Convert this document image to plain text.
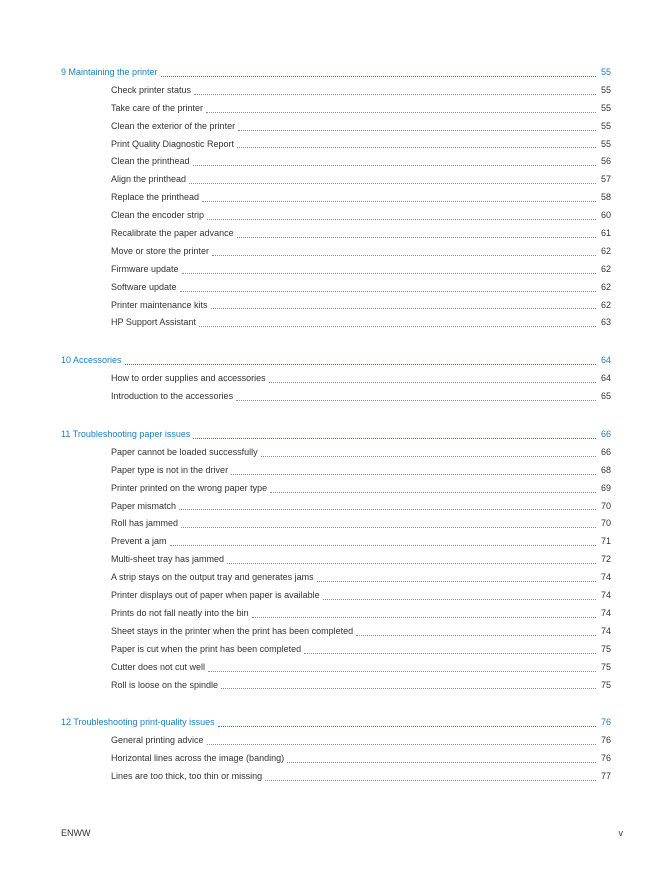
9 Maintaining the printer	55
Check printer status	55
Take care of the printer	55
Clean the exterior of the printer	55
Print Quality Diagnostic Report	55
Clean the printhead	56
Align the printhead	57
Replace the printhead	58
Clean the encoder strip	60
Recalibrate the paper advance	61
Move or store the printer	62
Firmware update	62
Software update	62
Printer maintenance kits	62
HP Support Assistant	63
10 Accessories	64
How to order supplies and accessories	64
Introduction to the accessories	65
11 Troubleshooting paper issues	66
Paper cannot be loaded successfully	66
Paper type is not in the driver	68
Printer printed on the wrong paper type	69
Paper mismatch	70
Roll has jammed	70
Prevent a jam	71
Multi-sheet tray has jammed	72
A strip stays on the output tray and generates jams	74
Printer displays out of paper when paper is available	74
Prints do not fall neatly into the bin	74
Sheet stays in the printer when the print has been completed	74
Paper is cut when the print has been completed	75
Cutter does not cut well	75
Roll is loose on the spindle	75
12 Troubleshooting print-quality issues	76
General printing advice	76
Horizontal lines across the image (banding)	76
Lines are too thick, too thin or missing	77
ENWW	v
